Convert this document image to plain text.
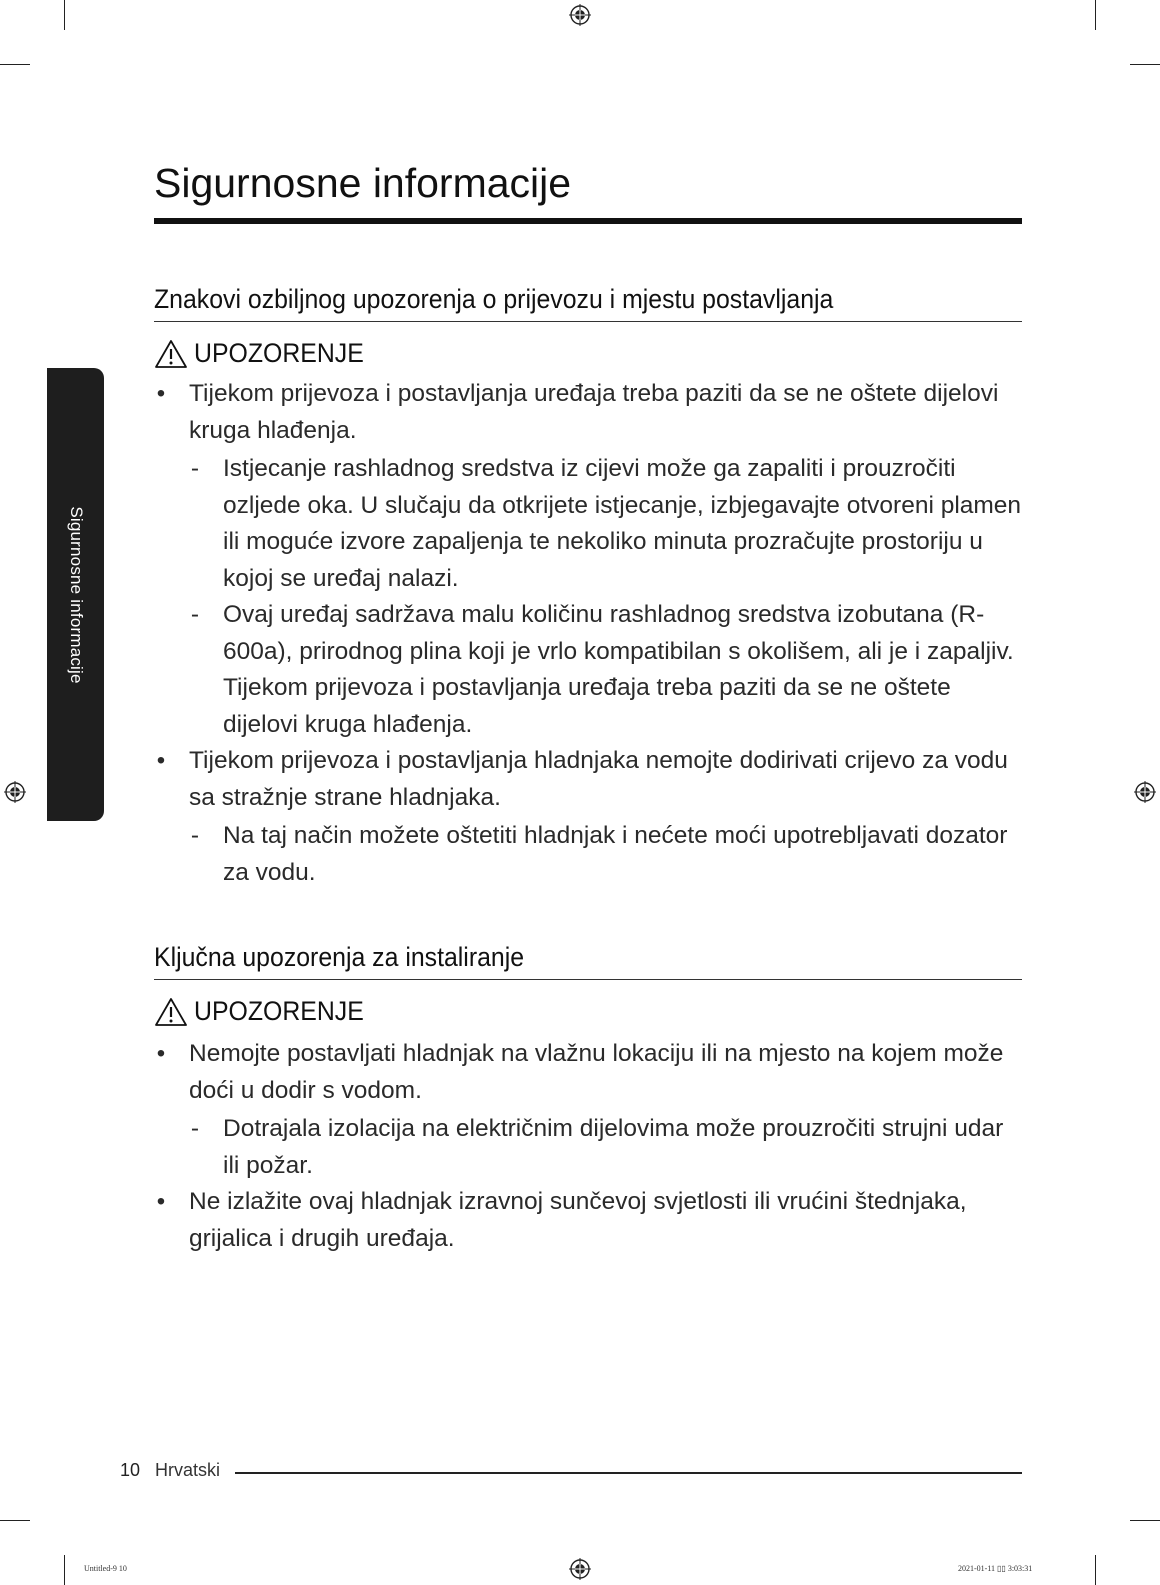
Sigurnosne informacije
Sigurnosne informacije
Znakovi ozbiljnog upozorenja o prijevozu i mjestu postavljanja
UPOZORENJE
• Tijekom prijevoza i postavljanja uređaja treba paziti da se ne oštete dijelovi kruga hlađenja.
- Istjecanje rashladnog sredstva iz cijevi može ga zapaliti i prouzročiti ozljede oka. U slučaju da otkrijete istjecanje, izbjegavajte otvoreni plamen ili moguće izvore zapaljenja te nekoliko minuta prozračujte prostoriju u kojoj se uređaj nalazi.
- Ovaj uređaj sadržava malu količinu rashladnog sredstva izobutana (R-600a), prirodnog plina koji je vrlo kompatibilan s okolišem, ali je i zapaljiv. Tijekom prijevoza i postavljanja uređaja treba paziti da se ne oštete dijelovi kruga hlađenja.
• Tijekom prijevoza i postavljanja hladnjaka nemojte dodirivati crijevo za vodu sa stražnje strane hladnjaka.
- Na taj način možete oštetiti hladnjak i nećete moći upotrebljavati dozator za vodu.
Ključna upozorenja za instaliranje
UPOZORENJE
• Nemojte postavljati hladnjak na vlažnu lokaciju ili na mjesto na kojem može doći u dodir s vodom.
- Dotrajala izolacija na električnim dijelovima može prouzročiti strujni udar ili požar.
• Ne izlažite ovaj hladnjak izravnoj sunčevoj svjetlosti ili vrućini štednjaka, grijalica i drugih uređaja.
10 Hrvatski
Untitled-9 10	2021-01-11 ▯▯ 3:03:31
